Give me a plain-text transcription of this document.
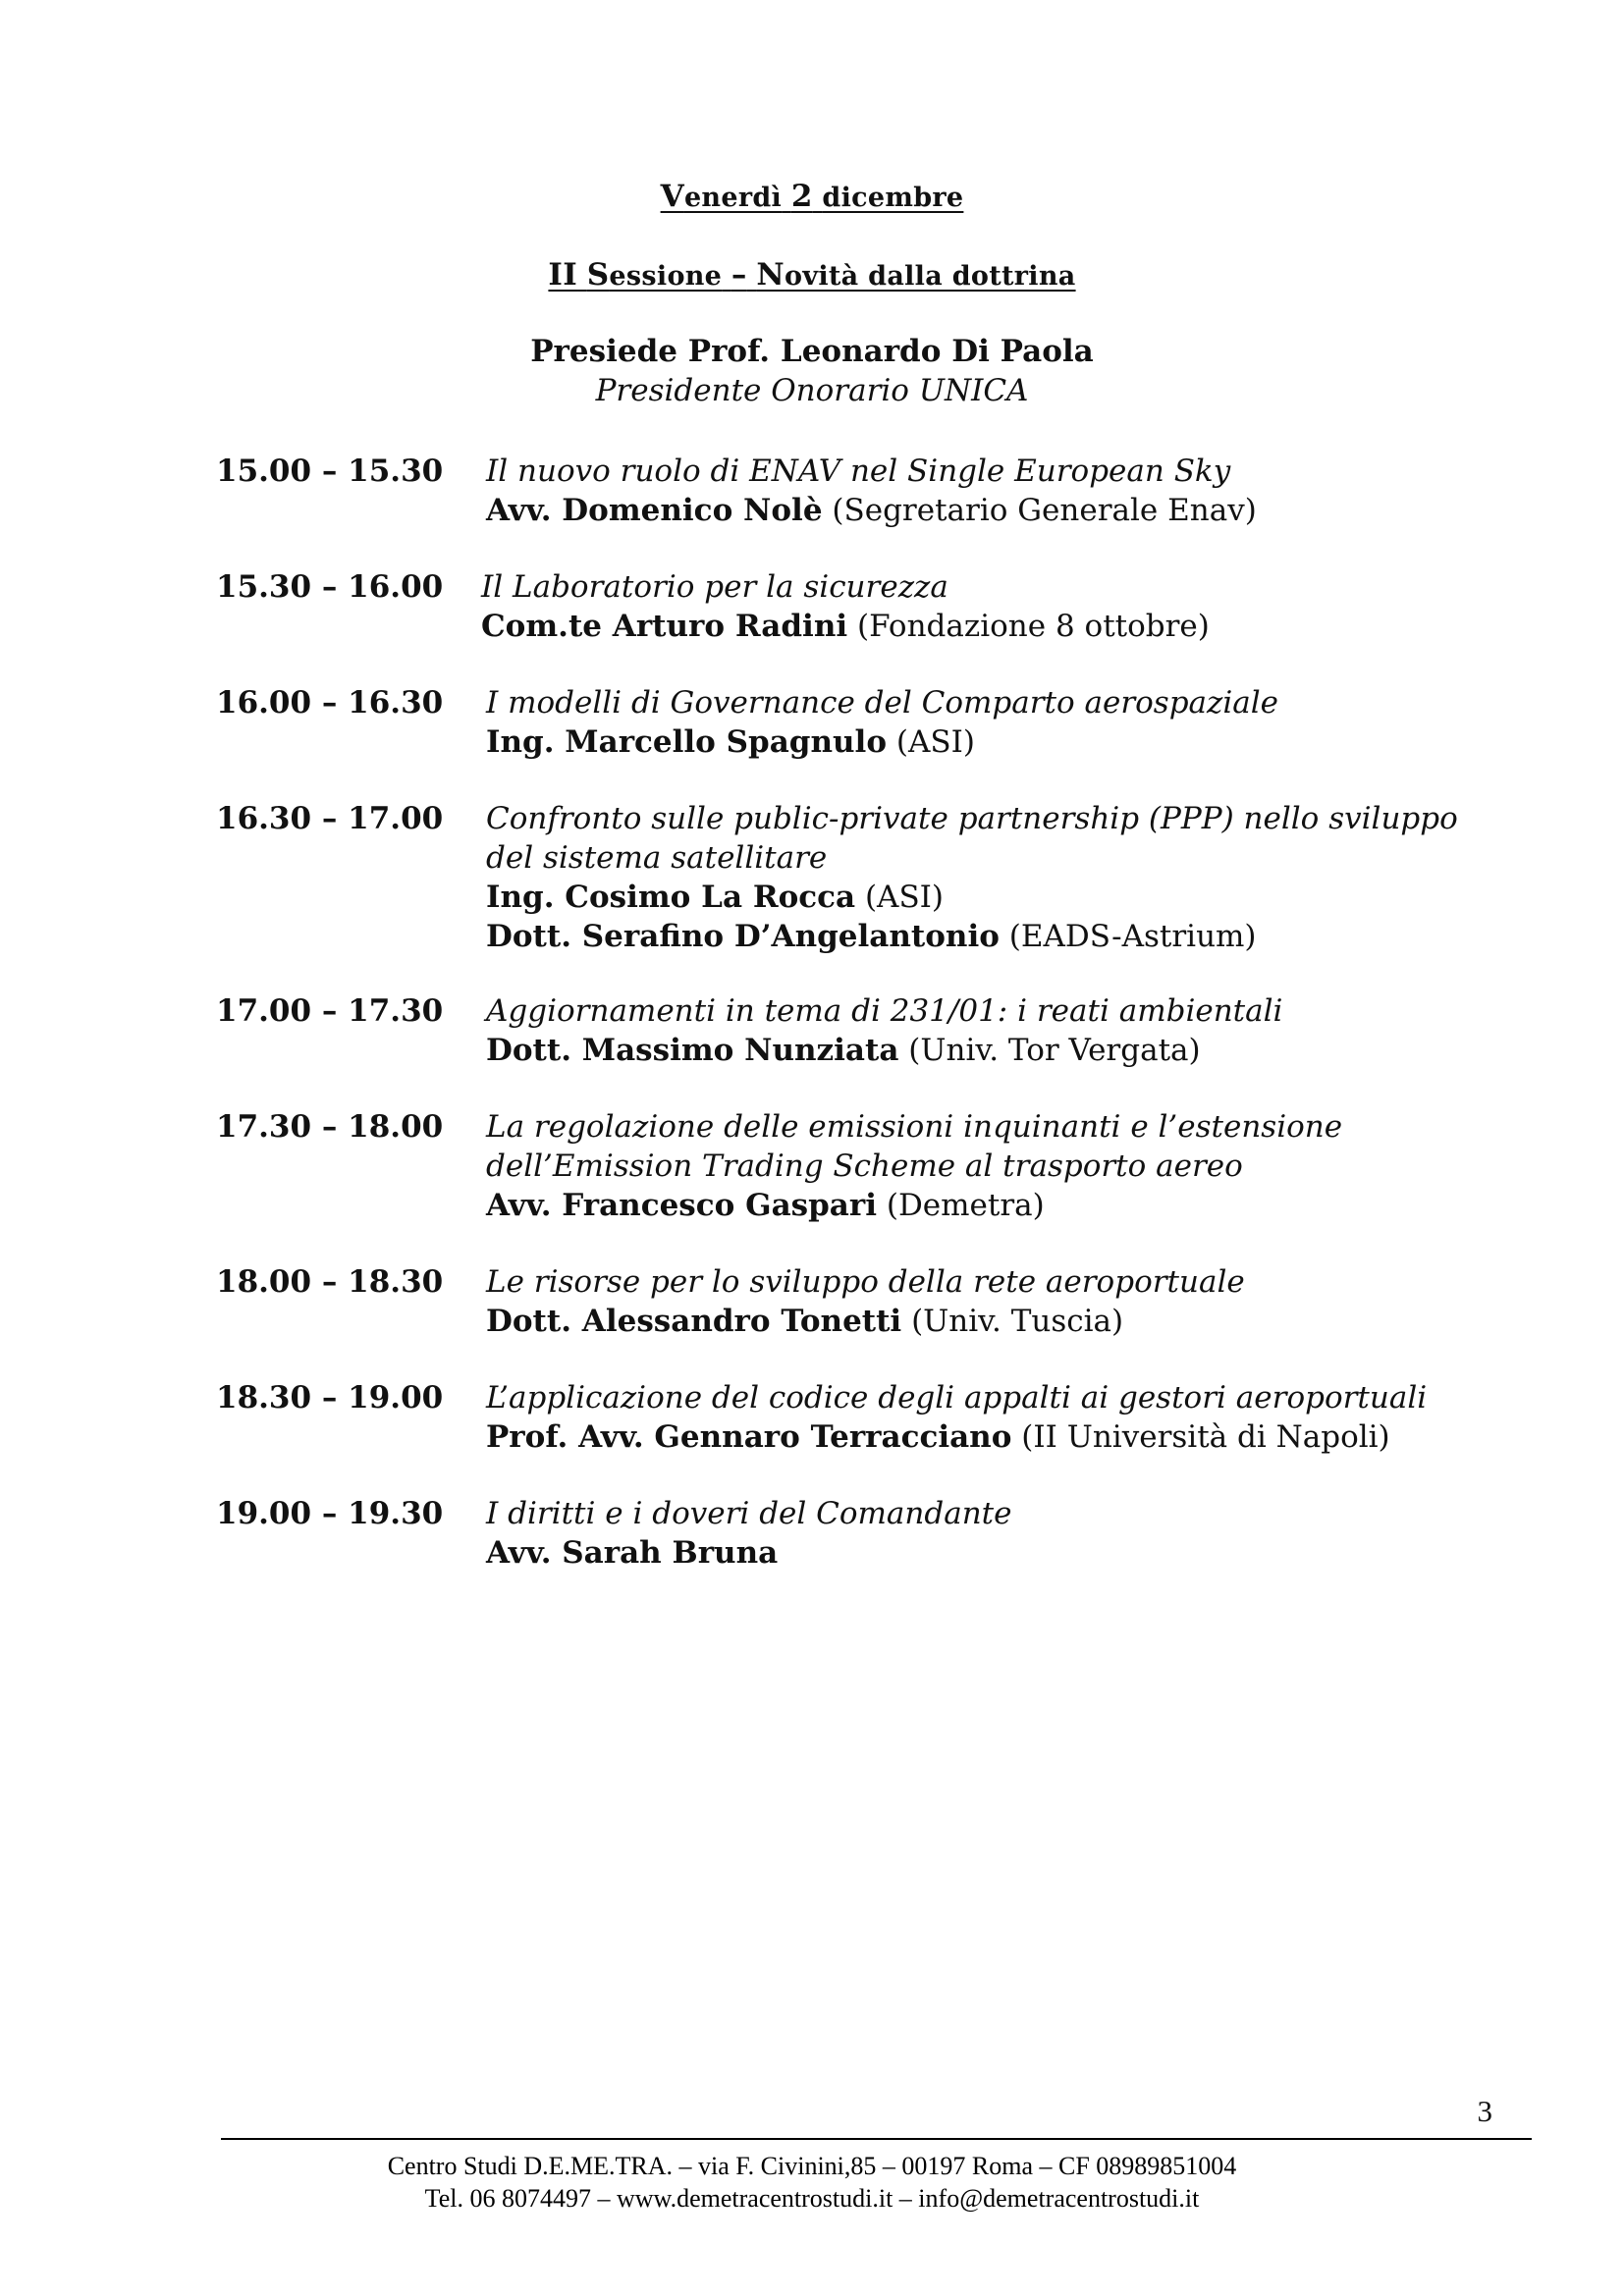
Venerdì 2 dicembre
II Sessione – Novità dalla dottrina
Presiede Prof. Leonardo Di Paola
Presidente Onorario UNICA
15.00 – 15.30 Il nuovo ruolo di ENAV nel Single European Sky
Avv. Domenico Nolè (Segretario Generale Enav)
15.30 – 16.00 Il Laboratorio per la sicurezza
Com.te Arturo Radini (Fondazione 8 ottobre)
16.00 – 16.30 I modelli di Governance del Comparto aerospaziale
Ing. Marcello Spagnulo (ASI)
16.30 – 17.00 Confronto sulle public-private partnership (PPP) nello sviluppo
del sistema satellitare
Ing. Cosimo La Rocca (ASI)
Dott. Serafino D’Angelantonio (EADS-Astrium)
17.00 – 17.30 Aggiornamenti in tema di 231/01: i reati ambientali
Dott. Massimo Nunziata (Univ. Tor Vergata)
17.30 – 18.00 La regolazione delle emissioni inquinanti e l’estensione
dell’Emission Trading Scheme al trasporto aereo
Avv. Francesco Gaspari (Demetra)
18.00 – 18.30 Le risorse per lo sviluppo della rete aeroportuale
Dott. Alessandro Tonetti (Univ. Tuscia)
18.30 – 19.00 L’applicazione del codice degli appalti ai gestori aeroportuali
Prof. Avv. Gennaro Terracciano (II Università di Napoli)
19.00 – 19.30 I diritti e i doveri del Comandante
Avv. Sarah Bruna
3
Centro Studi D.E.ME.TRA. – via F. Civinini,85 – 00197 Roma – CF 08989851004
Tel. 06 8074497 – www.demetracentrostudi.it – info@demetracentrostudi.it
